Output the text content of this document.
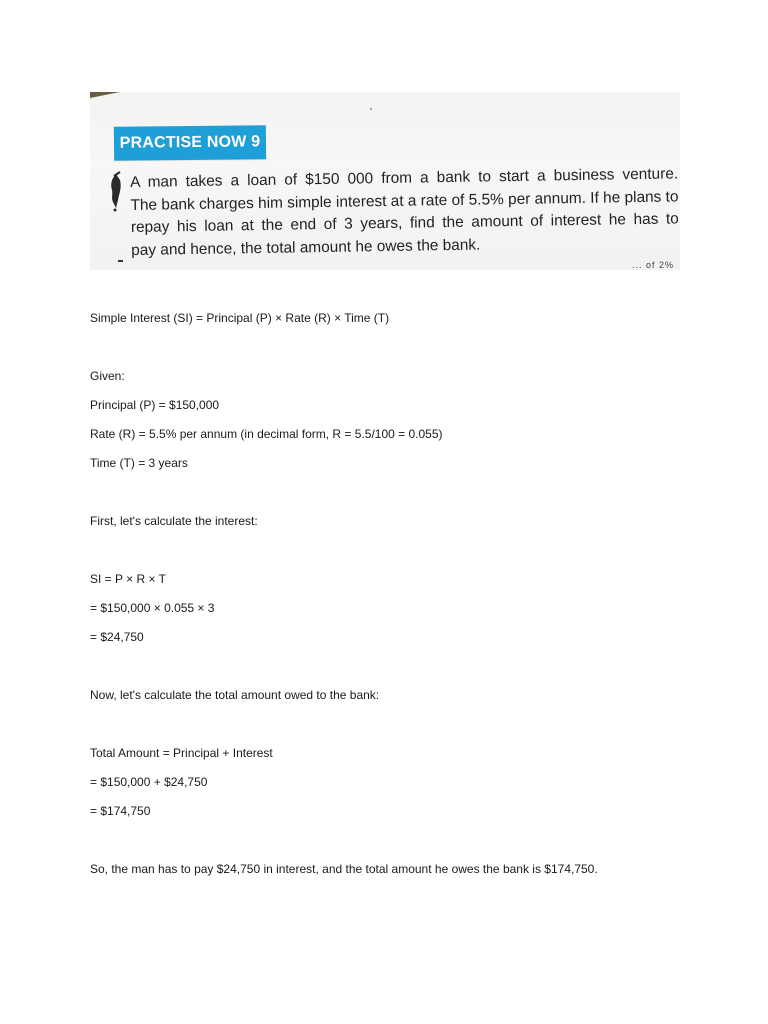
PRACTISE NOW 9
A man takes a loan of $150 000 from a bank to start a business venture.
The bank charges him simple interest at a rate of 5.5% per annum. If he plans to
repay his loan at the end of 3 years, find the amount of interest he has to
pay and hence, the total amount he owes the bank.
... of 2%
Simple Interest (SI) = Principal (P) × Rate (R) × Time (T)
Given:
Principal (P) = $150,000
Rate (R) = 5.5% per annum (in decimal form, R = 5.5/100 = 0.055)
Time (T) = 3 years
First, let's calculate the interest:
SI = P × R × T
= $150,000 × 0.055 × 3
= $24,750
Now, let's calculate the total amount owed to the bank:
Total Amount = Principal + Interest
= $150,000 + $24,750
= $174,750
So, the man has to pay $24,750 in interest, and the total amount he owes the bank is $174,750.
